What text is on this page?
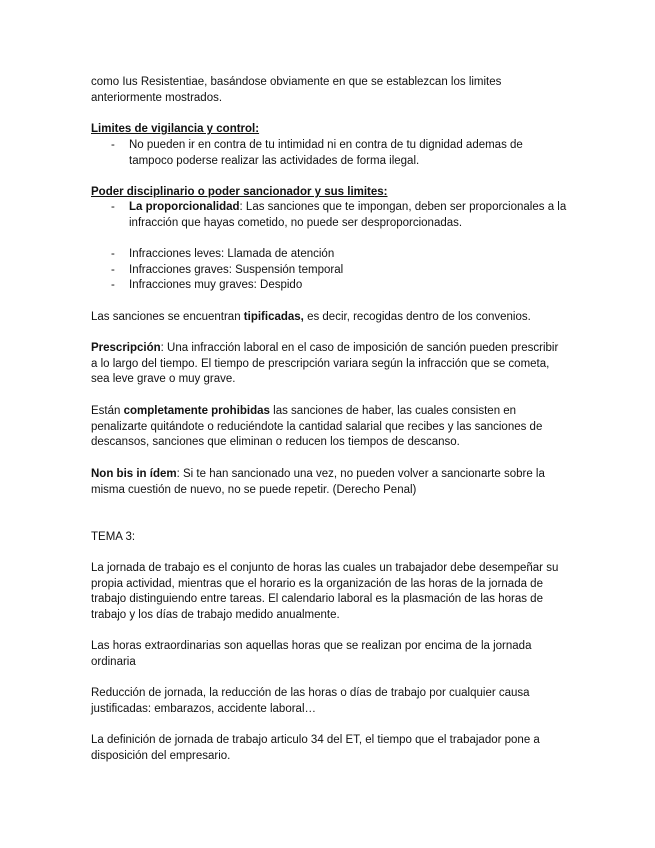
como Ius Resistentiae, basándose obviamente en que se establezcan los limites anteriormente mostrados.

Limites de vigilancia y control:

- No pueden ir en contra de tu intimidad ni en contra de tu dignidad ademas de tampoco poderse realizar las actividades de forma ilegal.

Poder disciplinario o poder sancionador y sus limites:

- La proporcionalidad: Las sanciones que te impongan, deben ser proporcionales a la infracción que hayas cometido, no puede ser desproporcionadas.
- Infracciones leves: Llamada de atención
- Infracciones graves: Suspensión temporal
- Infracciones muy graves: Despido

Las sanciones se encuentran tipificadas, es decir, recogidas dentro de los convenios.

Prescripción: Una infracción laboral en el caso de imposición de sanción pueden prescribir a lo largo del tiempo. El tiempo de prescripción variara según la infracción que se cometa, sea leve grave o muy grave.

Están completamente prohibidas las sanciones de haber, las cuales consisten en penalizarte quitándote o reduciéndote la cantidad salarial que recibes y las sanciones de descansos, sanciones que eliminan o reducen los tiempos de descanso.

Non bis in ídem: Si te han sancionado una vez, no pueden volver a sancionarte sobre la misma cuestión de nuevo, no se puede repetir. (Derecho Penal)

TEMA 3:

La jornada de trabajo es el conjunto de horas las cuales un trabajador debe desempeñar su propia actividad, mientras que el horario es la organización de las horas de la jornada de trabajo distinguiendo entre tareas. El calendario laboral es la plasmación de las horas de trabajo y los días de trabajo medido anualmente.

Las horas extraordinarias son aquellas horas que se realizan por encima de la jornada ordinaria

Reducción de jornada, la reducción de las horas o días de trabajo por cualquier causa justificadas: embarazos, accidente laboral…

La definición de jornada de trabajo articulo 34 del ET, el tiempo que el trabajador pone a disposición del empresario.
